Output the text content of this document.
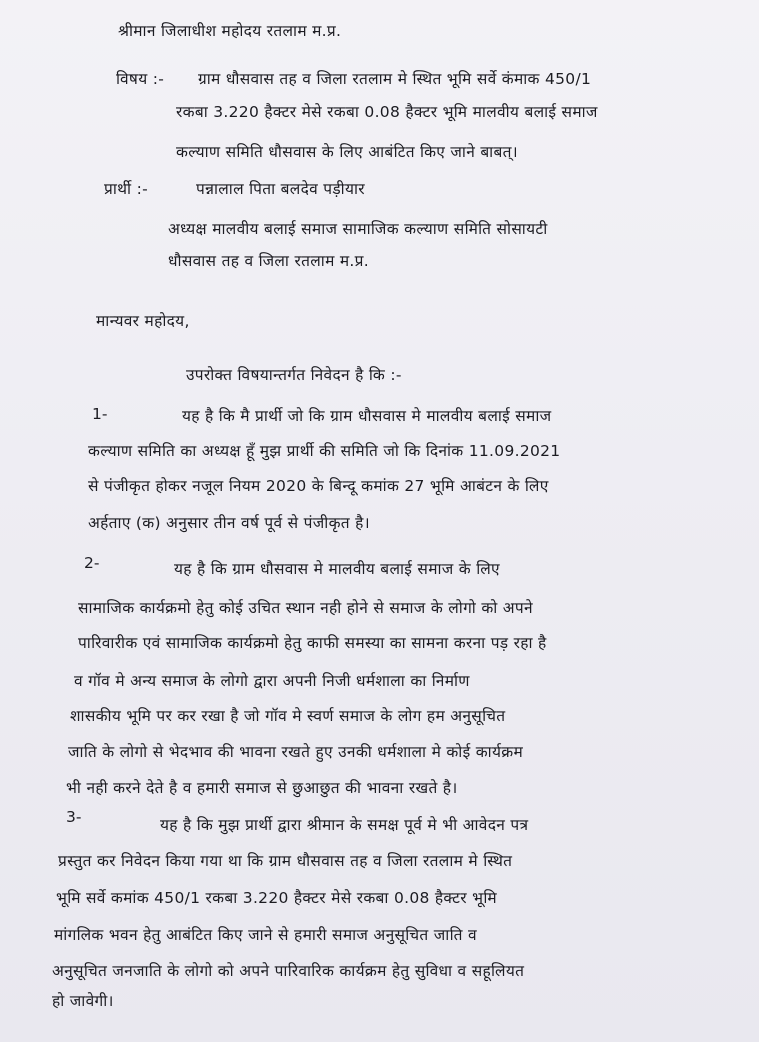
श्रीमान जिलाधीश महोदय रतलाम म.प्र.
विषय :- ग्राम धौसवास तह व जिला रतलाम मे स्थित भूमि सर्वे कंमाक 450/1
रकबा 3.220 हैक्टर मेसे रकबा 0.08 हैक्टर भूमि मालवीय बलाई समाज
कल्याण समिति धौसवास के लिए आबंटित किए जाने बाबत्।
प्रार्थी :-	पन्नालाल पिता बलदेव पड़ीयार
अध्यक्ष मालवीय बलाई समाज सामाजिक कल्याण समिति सोसायटी
धौसवास तह व जिला रतलाम म.प्र.
मान्यवर महोदय,
उपरोक्त विषयान्तर्गत निवेदन है कि :-
1-	यह है कि मै प्रार्थी जो कि ग्राम धौसवास मे मालवीय बलाई समाज
कल्याण समिति का अध्यक्ष हूँ मुझ प्रार्थी की समिति जो कि दिनांक 11.09.2021
से पंजीकृत होकर नजूल नियम 2020 के बिन्दू कमांक 27 भूमि आबंटन के लिए
अर्हताए (क) अनुसार तीन वर्ष पूर्व से पंजीकृत है।
2-	यह है कि ग्राम धौसवास मे मालवीय बलाई समाज के लिए
सामाजिक कार्यक्रमो हेतु कोई उचित स्थान नही होने से समाज के लोगो को अपने
पारिवारीक एवं सामाजिक कार्यक्रमो हेतु काफी समस्या का सामना करना पड़ रहा है
व गॉव मे अन्य समाज के लोगो द्वारा अपनी निजी धर्मशाला का निर्माण
शासकीय भूमि पर कर रखा है जो गॉव मे स्वर्ण समाज के लोग हम अनुसूचित
जाति के लोगो से भेदभाव की भावना रखते हुए उनकी धर्मशाला मे कोई कार्यक्रम
भी नही करने देते है व हमारी समाज से छुआछुत की भावना रखते है।
3-	यह है कि मुझ प्रार्थी द्वारा श्रीमान के समक्ष पूर्व मे भी आवेदन पत्र
प्रस्तुत कर निवेदन किया गया था कि ग्राम धौसवास तह व जिला रतलाम मे स्थित
भूमि सर्वे कमांक 450/1 रकबा 3.220 हैक्टर मेसे रकबा 0.08 हैक्टर भूमि
मांगलिक भवन हेतु आबंटित किए जाने से हमारी समाज अनुसूचित जाति व
अनुसूचित जनजाति के लोगो को अपने पारिवारिक कार्यक्रम हेतु सुविधा व सहूलियत
हो जावेगी।
